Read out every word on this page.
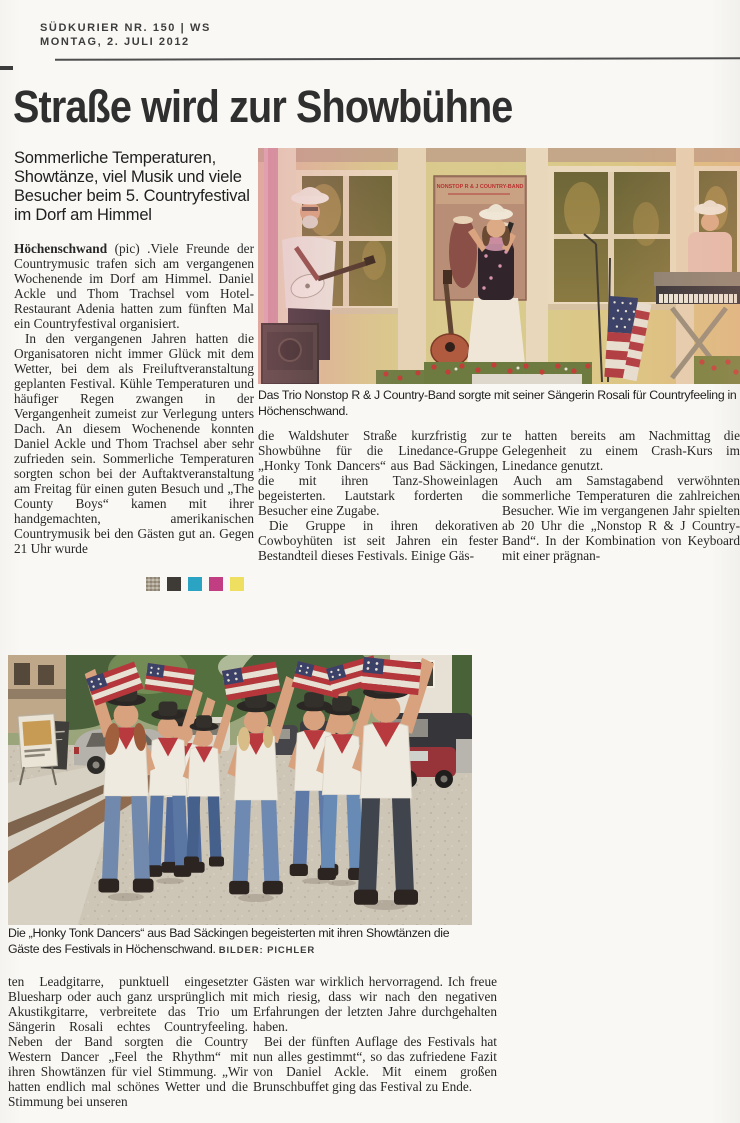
SÜDKURIER NR. 150 | WS
MONTAG, 2. JULI 2012
Straße wird zur Showbühne
Sommerliche Temperaturen, Showtänze, viel Musik und viele Besucher beim 5. Countryfestival im Dorf am Himmel

Höchenschwand (pic) .Viele Freunde der Countrymusic trafen sich am vergangenen Wochenende im Dorf am Himmel. Daniel Ackle und Thom Trachsel vom Hotel-Restaurant Adenia hatten zum fünften Mal ein Countryfestival organisiert.

In den vergangenen Jahren hatten die Organisatoren nicht immer Glück mit dem Wetter, bei dem als Freiluftveranstaltung geplanten Festival. Kühle Temperaturen und häufiger Regen zwangen in der Vergangenheit zumeist zur Verlegung unters Dach. An diesem Wochenende konnten Daniel Ackle und Thom Trachsel aber sehr zufrieden sein. Sommerliche Temperaturen sorgten schon bei der Auftaktveranstaltung am Freitag für einen guten Besuch und „The County Boys“ kamen mit ihrer handgemachten, amerikanischen Countrymusik bei den Gästen gut an. Gegen 21 Uhr wurde

Das Trio Nonstop R & J Country-Band sorgte mit seiner Sängerin Rosali für Countryfeeling in Höchenschwand.

die Waldshuter Straße kurzfristig zur Showbühne für die Linedance-Gruppe „Honky Tonk Dancers“ aus Bad Säckingen, die mit ihren Tanz-Showeinlagen begeisterten. Lautstark forderten die Besucher eine Zugabe.

Die Gruppe in ihren dekorativen Cowboyhüten ist seit Jahren ein fester Bestandteil dieses Festivals. Einige Gäs-

te hatten bereits am Nachmittag die Gelegenheit zu einem Crash-Kurs im Linedance genutzt.

Auch am Samstagabend verwöhnten sommerliche Temperaturen die zahlreichen Besucher. Wie im vergangenen Jahr spielten ab 20 Uhr die „Nonstop R & J Country-Band“. In der Kombination von Keyboard mit einer prägnan-

Die „Honky Tonk Dancers“ aus Bad Säckingen begeisterten mit ihren Showtänzen die Gäste des Festivals in Höchenschwand. BILDER: PICHLER

ten Leadgitarre, punktuell eingesetzter Bluesharp oder auch ganz ursprünglich mit Akustikgitarre, verbreitete das Trio um Sängerin Rosali echtes Countryfeeling. Neben der Band sorgten die Country Western Dancer „Feel the Rhythm“ mit ihren Showtänzen für viel Stimmung. „Wir hatten endlich mal schönes Wetter und die Stimmung bei unseren

Gästen war wirklich hervorragend. Ich freue mich riesig, dass wir nach den negativen Erfahrungen der letzten Jahre durchgehalten haben.

Bei der fünften Auflage des Festivals hat nun alles gestimmt“, so das zufriedene Fazit von Daniel Ackle. Mit einem großen Brunschbuffet ging das Festival zu Ende.
